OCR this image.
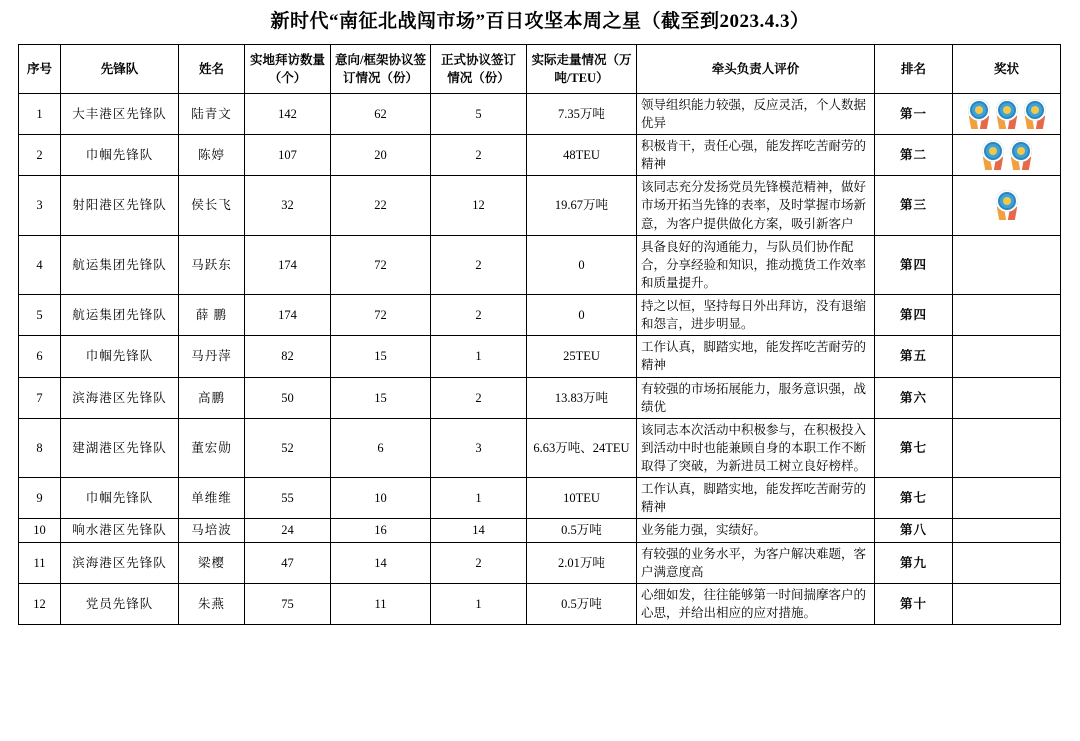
新时代“南征北战闯市场”百日攻坚本周之星（截至到2023.4.3）
序号	先锋队	姓名	实地拜访数量（个）	意向/框架协议签订情况（份）	正式协议签订情况（份）	实际走量情况（万吨/TEU）	牵头负责人评价	排名	奖状
1	大丰港区先锋队	陆青文	142	62	5	7.35万吨	领导组织能力较强，反应灵活，个人数据优异	第一	

2	巾帼先锋队	陈婷	107	20	2	48TEU	积极肯干，责任心强，能发挥吃苦耐劳的精神	第二	

3	射阳港区先锋队	侯长飞	32	22	12	19.67万吨	该同志充分发扬党员先锋模范精神，做好市场开拓当先锋的表率，及时掌握市场新意，为客户提供做化方案，吸引新客户	第三	

4	航运集团先锋队	马跃东	174	72	2	0	具备良好的沟通能力，与队员们协作配合，分享经验和知识，推动揽货工作效率和质量提升。	第四	
5	航运集团先锋队	薛 鹏	174	72	2	0	持之以恒，坚持每日外出拜访，没有退缩和怨言，进步明显。	第四	
6	巾帼先锋队	马丹萍	82	15	1	25TEU	工作认真，脚踏实地，能发挥吃苦耐劳的精神	第五	
7	滨海港区先锋队	高鹏	50	15	2	13.83万吨	有较强的市场拓展能力，服务意识强，战绩优	第六	
8	建湖港区先锋队	董宏勋	52	6	3	6.63万吨、24TEU	该同志本次活动中积极参与，在积极投入到活动中时也能兼顾自身的本职工作不断取得了突破，为新进员工树立良好榜样。	第七	
9	巾帼先锋队	单维维	55	10	1	10TEU	工作认真，脚踏实地，能发挥吃苦耐劳的精神	第七	
10	响水港区先锋队	马培波	24	16	14	0.5万吨	业务能力强，实绩好。	第八	
11	滨海港区先锋队	梁樱	47	14	2	2.01万吨	有较强的业务水平，为客户解决难题，客户满意度高	第九	
12	党员先锋队	朱燕	75	11	1	0.5万吨	心细如发，往往能够第一时间揣摩客户的心思，并给出相应的应对措施。	第十	
